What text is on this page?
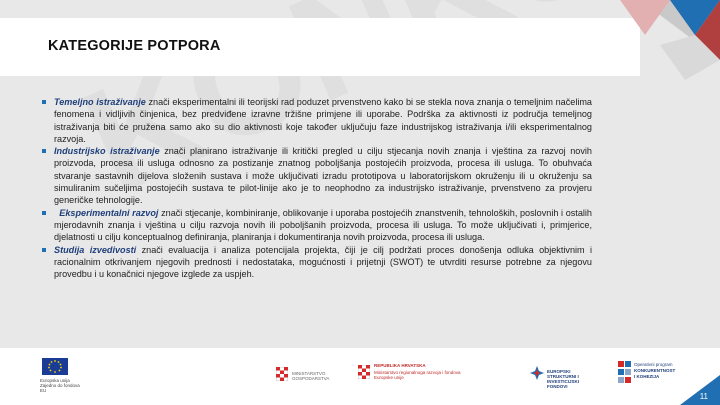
KATEGORIJE POTPORA

Temeljno istraživanje znači eksperimentalni ili teorijski rad poduzet prvenstveno kako bi se stekla nova znanja o temeljnim načelima fenomena i vidljivih činjenica, bez predviđene izravne tržišne primjene ili uporabe. Podrška za aktivnosti iz područja temeljnog istraživanja biti će pružena samo ako su dio aktivnosti koje također uključuju faze industrijskog istraživanja i/ili eksperimentalnog razvoja.

Industrijsko istraživanje znači planirano istraživanje ili kritički pregled u cilju stjecanja novih znanja i vještina za razvoj novih proizvoda, procesa ili usluga odnosno za postizanje znatnog poboljšanja postojećih proizvoda, procesa ili usluga. To obuhvaća stvaranje sastavnih dijelova složenih sustava i može uključivati izradu prototipova u laboratorijskom okruženju ili u okruženju sa simuliranim sučeljima postojećih sustava te pilot-linije ako je to neophodno za industrijsko istraživanje, prvenstveno za provjeru generičke tehnologije.

Eksperimentalni razvoj znači stjecanje, kombiniranje, oblikovanje i uporaba postojećih znanstvenih, tehnoloških, poslovnih i ostalih mjerodavnih znanja i vještina u cilju razvoja novih ili poboljšanih proizvoda, procesa ili usluga. To može uključivati i, primjerice, djelatnosti u cilju konceptualnog definiranja, planiranja i dokumentiranja novih proizvoda, procesa ili usluga.

Studija izvedivosti znači evaluacija i analiza potencijala projekta, čiji je cilj podržati proces donošenja odluka objektivnim i racionalnim otkrivanjem njegovih prednosti i nedostataka, mogućnosti i prijetnji (SWOT) te utvrditi resurse potrebne za njegovu provedbu i u konačnici njegove izglede za uspjeh.

Europska unija
Zajedno do fondova EU
MINISTARSTVO GOSPODARSTVA
REPUBLIKA HRVATSKA
Ministarstvo regionalnoga razvoja i fondova Europske unije
EUROPSKI STRUKTURNI I INVESTICIJSKI FONDOVI
Operativni program
KONKURENTNOST
I KOHEZIJA
11
